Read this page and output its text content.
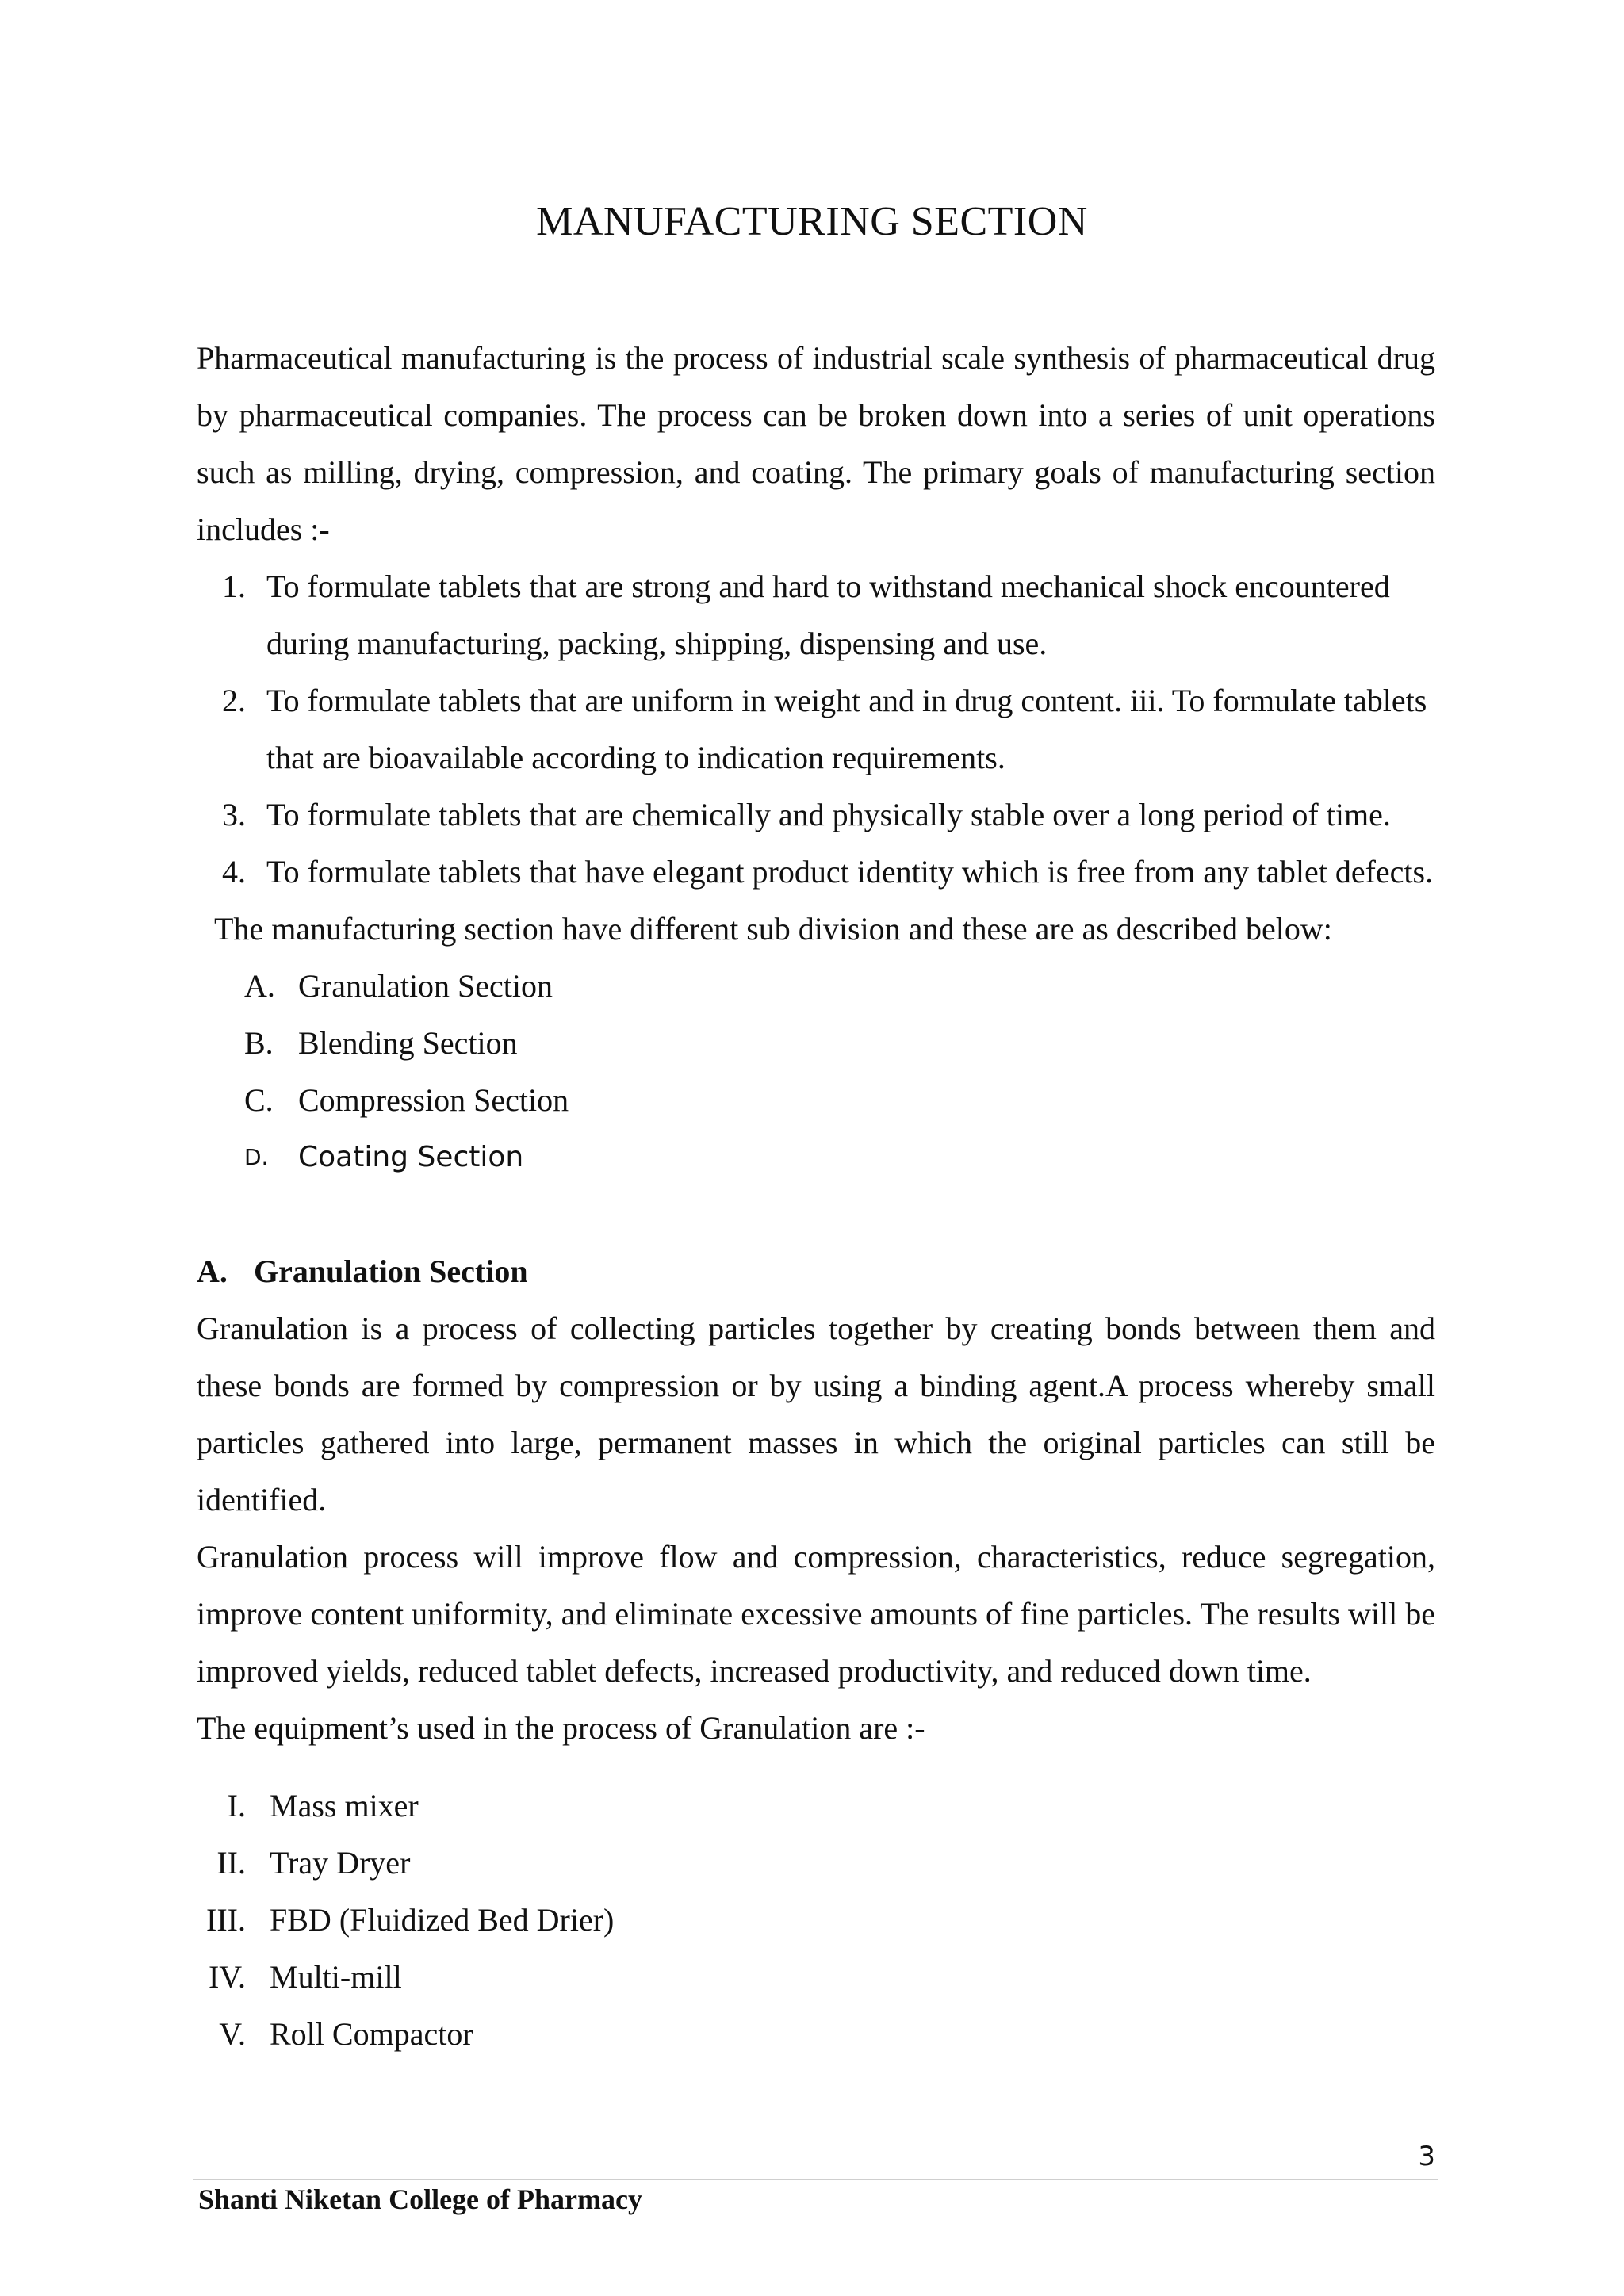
MANUFACTURING SECTION

Pharmaceutical manufacturing is the process of industrial scale synthesis of pharmaceutical drug by pharmaceutical companies. The process can be broken down into a series of unit operations such as milling, drying, compression, and coating. The primary goals of manufacturing section includes :-

1. To formulate tablets that are strong and hard to withstand mechanical shock encountered during manufacturing, packing, shipping, dispensing and use.
2. To formulate tablets that are uniform in weight and in drug content. iii. To formulate tablets that are bioavailable according to indication requirements.
3. To formulate tablets that are chemically and physically stable over a long period of time.
4. To formulate tablets that have elegant product identity which is free from any tablet defects.

The manufacturing section have different sub division and these are as described below:

A. Granulation Section
B. Blending Section
C. Compression Section
D.	Coating Section
A. Granulation Section

Granulation is a process of collecting particles together by creating bonds between them and these bonds are formed by compression or by using a binding agent.A process whereby small particles gathered into large, permanent masses in which the original particles can still be identified.

Granulation process will improve flow and compression, characteristics, reduce segregation, improve content uniformity, and eliminate excessive amounts of fine particles. The results will be improved yields, reduced tablet defects, increased productivity, and reduced down time.

The equipment’s used in the process of Granulation are :-

I. Mass mixer
II. Tray Dryer
III. FBD (Fluidized Bed Drier)
IV. Multi-mill
V. Roll Compactor
3
Shanti Niketan College of Pharmacy
